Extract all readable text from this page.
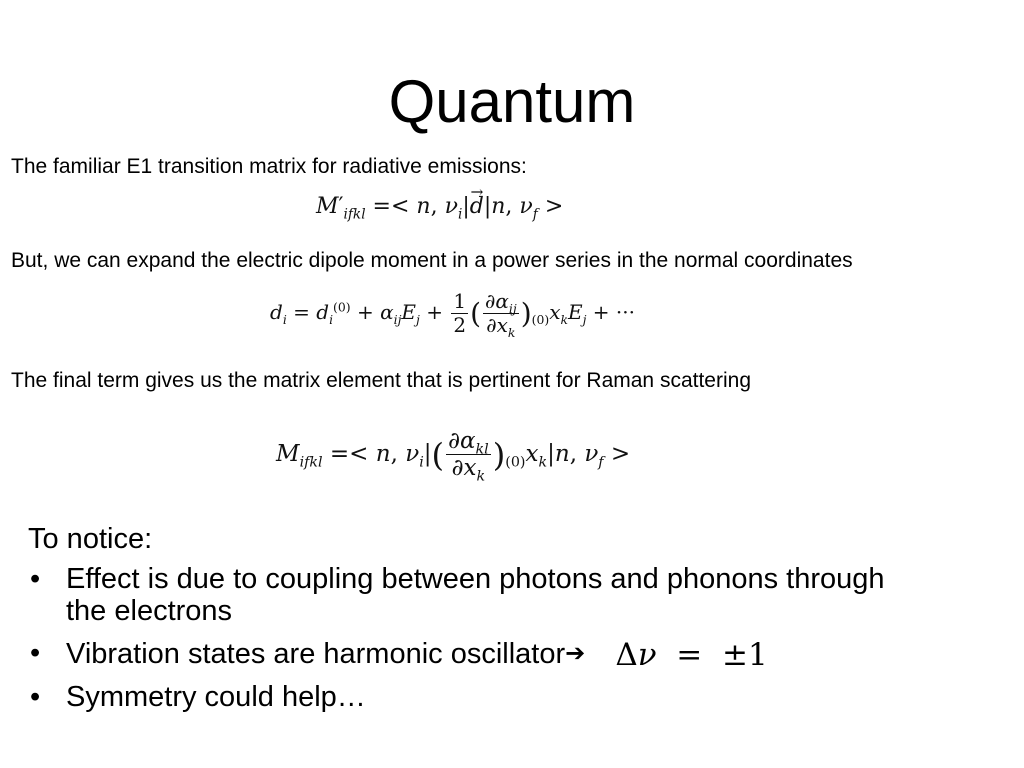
Quantum

The familiar E1 transition matrix for radiative emissions:

$M'_{ifkl} =< n$, $\nu_i|\to d|n$, $\nu_f$ >

But, we can expand the electric dipole moment in a power series in the normal coordinates

$d_i = d_i^{(0)} + \alpha_{ij}E_j + \frac{1}{2}$ ( $\frac{\partial\alpha_{ij}}{\partial x_k} )_{(0)}x_kE_j$ + ···

The final term gives us the matrix element that is pertinent for Raman scattering

$M_{ifkl} =< n$, $\nu_i|( \frac{\partial\alpha_{kl}}{\partial x_k} )_{(0)}x_k|n$, $\nu_f$ >
To notice:
• Effect is due to coupling between photons and phonons through the electrons
• Vibration states are harmonic oscillator➔ Δν  =  ±1
• Symmetry could help…
